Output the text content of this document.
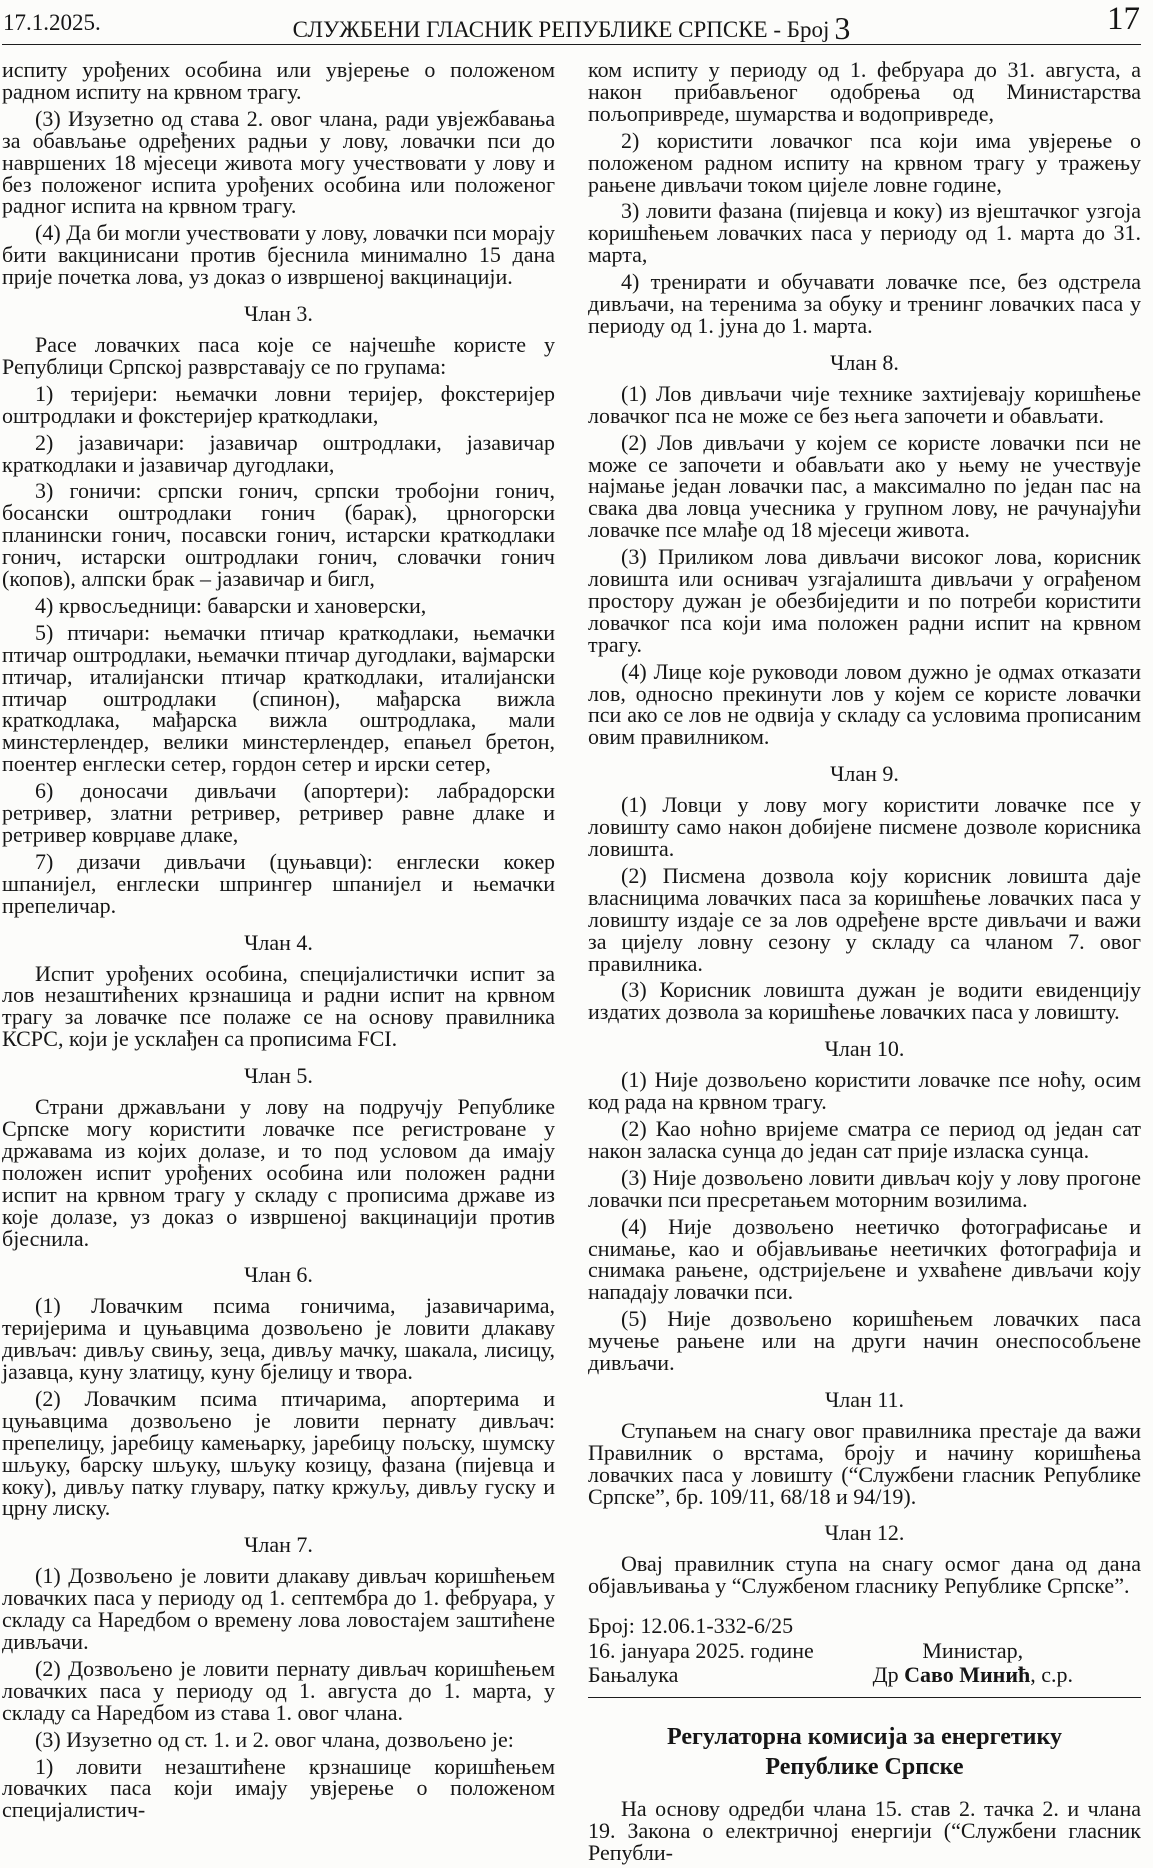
17.1.2025.	СЛУЖБЕНИ ГЛАСНИК РЕПУБЛИКЕ СРПСКЕ - Број 3	17

испиту урођених особина или увјерење о положеном радном испиту на крвном трагу.

(3) Изузетно од става 2. овог члана, ради увјежбавања за обављање одређених радњи у лову, ловачки пси до навршених 18 мјесеци живота могу учествовати у лову и без положеног испита урођених особина или положеног радног испита на крвном трагу.

(4) Да би могли учествовати у лову, ловачки пси морају бити вакцинисани против бјеснила минимално 15 дана прије почетка лова, уз доказ о извршеној вакцинацији.

Члан 3.

Расе ловачких паса које се најчешће користе у Републици Српској разврставају се по групама:

1) теријери: њемачки ловни теријер, фокстеријер оштродлаки и фокстеријер краткодлаки,

2) јазавичари: јазавичар оштродлаки, јазавичар краткодлаки и јазавичар дугодлаки,

3) гоничи: српски гонич, српски тробојни гонич, босански оштродлаки гонич (барак), црногорски планински гонич, посавски гонич, истарски краткодлаки гонич, истарски оштродлаки гонич, словачки гонич (копов), алпски брак – јазавичар и бигл,

4) крвосљедници: баварски и хановерски,

5) птичари: њемачки птичар краткодлаки, њемачки птичар оштродлаки, њемачки птичар дугодлаки, вајмарски птичар, италијански птичар краткодлаки, италијански птичар оштродлаки (спинон), мађарска вижла краткодлака, мађарска вижла оштродлака, мали минстерлендер, велики минстерлендер, епањел бретон, поентер енглески сетер, гордон сетер и ирски сетер,

6) доносачи дивљачи (апортери): лабрадорски ретривер, златни ретривер, ретривер равне длаке и ретривер коврџаве длаке,

7) дизачи дивљачи (цуњавци): енглески кокер шпанијел, енглески шпрингер шпанијел и њемачки препеличар.

Члан 4.

Испит урођених особина, специјалистички испит за лов незаштићених крзнашица и радни испит на крвном трагу за ловачке псе полаже се на основу правилника КСРС, који је усклађен са прописима FCI.

Члан 5.

Страни држављани у лову на подручју Републике Српске могу користити ловачке псе регистроване у државама из којих долазе, и то под условом да имају положен испит урођених особина или положен радни испит на крвном трагу у складу с прописима државе из које долазе, уз доказ о извршеној вакцинацији против бјеснила.

Члан 6.

(1) Ловачким псима гоничима, јазавичарима, теријерима и цуњавцима дозвољено је ловити длакаву дивљач: дивљу свињу, зеца, дивљу мачку, шакала, лисицу, јазавца, куну златицу, куну бјелицу и твора.

(2) Ловачким псима птичарима, апортерима и цуњавцима дозвољено је ловити пернату дивљач: препелицу, јаребицу камењарку, јаребицу пољску, шумску шљуку, барску шљуку, шљуку козицу, фазана (пијевца и коку), дивљу патку глувару, патку кржуљу, дивљу гуску и црну лиску.

Члан 7.

(1) Дозвољено је ловити длакаву дивљач коришћењем ловачких паса у периоду од 1. септембра до 1. фебруара, у складу са Наредбом о времену лова ловостајем заштићене дивљачи.

(2) Дозвољено је ловити пернату дивљач коришћењем ловачких паса у периоду од 1. августа до 1. марта, у складу са Наредбом из става 1. овог члана.

(3) Изузетно од ст. 1. и 2. овог члана, дозвољено је:

1) ловити незаштићене крзнашице коришћењем ловачких паса који имају увјерење о положеном специјалистич-

ком испиту у периоду од 1. фебруара до 31. августа, а након прибављеног одобрења од Министарства пољопривреде, шумарства и водопривреде,

2) користити ловачког пса који има увјерење о положеном радном испиту на крвном трагу у тражењу рањене дивљачи током цијеле ловне године,

3) ловити фазана (пијевца и коку) из вјештачког узгоја коришћењем ловачких паса у периоду од 1. марта до 31. марта,

4) тренирати и обучавати ловачке псе, без одстрела дивљачи, на теренима за обуку и тренинг ловачких паса у периоду од 1. јуна до 1. марта.

Члан 8.

(1) Лов дивљачи чије технике захтијевају коришћење ловачког пса не може се без њега започети и обављати.

(2) Лов дивљачи у којем се користе ловачки пси не може се започети и обављати ако у њему не учествује најмање један ловачки пас, а максимално по један пас на свака два ловца учесника у групном лову, не рачунајући ловачке псе млађе од 18 мјесеци живота.

(3) Приликом лова дивљачи високог лова, корисник ловишта или оснивач узгајалишта дивљачи у ограђеном простору дужан је обезбиједити и по потреби користити ловачког пса који има положен радни испит на крвном трагу.

(4) Лице које руководи ловом дужно је одмах отказати лов, односно прекинути лов у којем се користе ловачки пси ако се лов не одвија у складу са условима прописаним овим правилником.

Члан 9.

(1) Ловци у лову могу користити ловачке псе у ловишту само након добијене писмене дозволе корисника ловишта.

(2) Писмена дозвола коју корисник ловишта даје власницима ловачких паса за коришћење ловачких паса у ловишту издаје се за лов одређене врсте дивљачи и важи за цијелу ловну сезону у складу са чланом 7. овог правилника.

(3) Корисник ловишта дужан је водити евиденцију издатих дозвола за коришћење ловачких паса у ловишту.

Члан 10.

(1) Није дозвољено користити ловачке псе ноћу, осим код рада на крвном трагу.

(2) Као ноћно вријеме сматра се период од један сат након заласка сунца до један сат прије изласка сунца.

(3) Није дозвољено ловити дивљач коју у лову прогоне ловачки пси пресретањем моторним возилима.

(4) Није дозвољено неетичко фотографисање и снимање, као и објављивање неетичких фотографија и снимака рањене, одстријељене и ухваћене дивљачи коју нападају ловачки пси.

(5) Није дозвољено коришћењем ловачких паса мучење рањене или на други начин онеспособљене дивљачи.

Члан 11.

Ступањем на снагу овог правилника престаје да важи Правилник о врстама, броју и начину коришћења ловачких паса у ловишту (“Службени гласник Републике Српске”, бр. 109/11, 68/18 и 94/19).

Члан 12.

Овај правилник ступа на снагу осмог дана од дана објављивања у “Службеном гласнику Републике Српске”.

Број: 12.06.1-332-6/25
16. јануара 2025. године
Бањалука
Министар,
Др Саво Минић, с.р.
Регулаторна комисија за енергетику
Републике Српске

На основу одредби члана 15. став 2. тачка 2. и члана 19. Закона о електричној енергији (“Службени гласник Републи-
